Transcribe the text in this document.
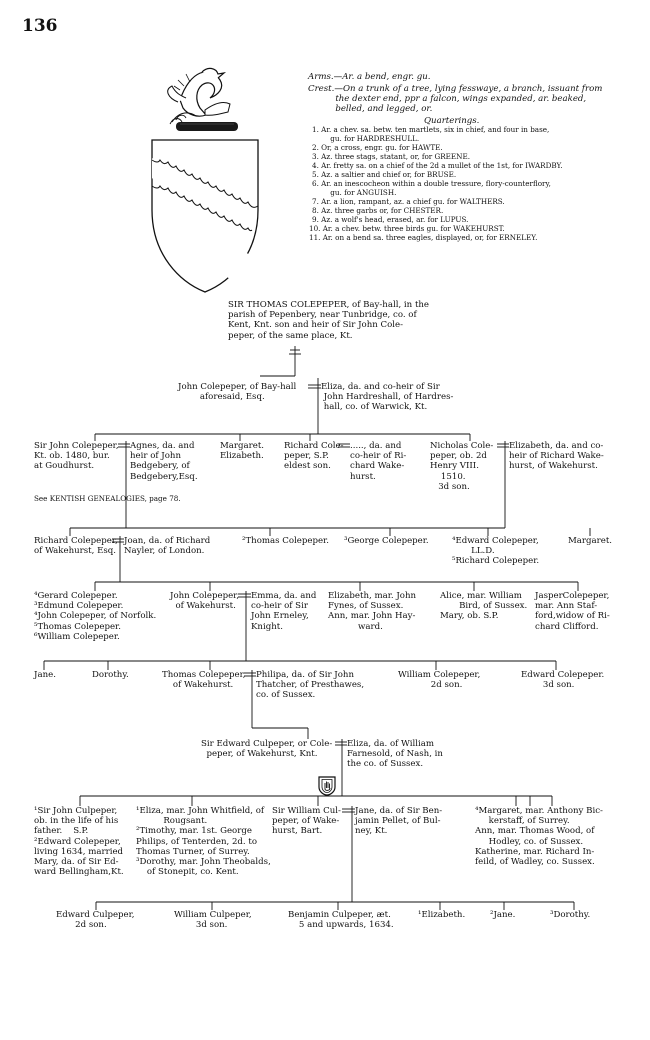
136
Arms.—Ar. a bend, engr. gu.
Crest.—On a trunk of a tree, lying fesswaye, a branch, issuant from
the dexter end, ppr a falcon, wings expanded, ar. beaked,
belled, and legged, or.
Quarterings.
1. Ar. a chev. sa. betw. ten martlets, six in chief, and four in base,
gu. for HARDRESHULL.
2. Or, a cross, engr. gu. for HAWTE.
3. Az. three stags, statant, or, for GREENE.
4. Ar. fretty sa. on a chief of the 2d a mullet of the 1st, for IWARDBY.
5. Az. a saltier and chief or, for BRUSE.
6. Ar. an inescocheon within a double tressure, flory-counterflory,
gu. for ANGUISH.
7. Ar. a lion, rampant, az. a chief gu. for WALTHERS.
8. Az. three garbs or, for CHESTER.
9. Az. a wolf's head, erased, ar. for LUPUS.
10. Ar. a chev. betw. three birds gu. for WAKEHURST.
11. Ar. on a bend sa. three eagles, displayed, or, for ERNELEY.
SIR THOMAS COLEPEPER, of Bay-hall, in the
parish of Pepenbery, near Tunbridge, co. of
Kent, Knt. son and heir of Sir John Cole-
peper, of the same place, Kt.
John Colepeper, of Bay-hall
aforesaid, Esq.
Eliza, da. and co-heir of Sir
John Hardreshall, of Hardres-
hall, co. of Warwick, Kt.
Sir John Colepeper,
Kt. ob. 1480, bur.
at Goudhurst.
Agnes, da. and
heir of John
Bedgebery, of
Bedgebery,Esq.
Margaret.
Elizabeth.
Richard Cole-
peper, S.P.
eldest son.
....., da. and
co-heir of Ri-
chard Wake-
hurst.
Nicholas Cole-
peper, ob. 2d
Henry VIII.
1510.
3d son.
Elizabeth, da. and co-
heir of Richard Wake-
hurst, of Wakehurst.
See KENTISH GENEALOGIES, page 78.
Richard Colepeper,
of Wakehurst, Esq.
Joan, da. of Richard
Nayler, of London.
²Thomas Colepeper. ³George Colepeper.	⁴Edward Colepeper,
LL.D.
⁵Richard Colepeper.
Margaret.
⁴Gerard Colepeper.
³Edmund Colepeper.
⁴John Colepeper, of Norfolk.
⁵Thomas Colepeper.
⁶William Colepeper.
John Colepeper,
of Wakehurst.
Emma, da. and
co-heir of Sir
John Erneley,
Knight.
Elizabeth, mar. John
Fynes, of Sussex.
Ann, mar. John Hay-
ward.
Alice, mar. William
Bird, of Sussex.
Mary, ob. S.P.
JasperColepeper,
mar. Ann Staf-
ford,widow of Ri-
chard Clifford.
Jane.	Dorothy.	Thomas Colepeper,
of Wakehurst.
Philipa, da. of Sir John
Thatcher, of Presthawes,
co. of Sussex.
William Colepeper,
2d son.
Edward Colepeper.
3d son.
Sir Edward Culpeper, or Cole-
peper, of Wakehurst, Knt.
Eliza, da. of William
Farnesold, of Nash, in
the co. of Sussex.
¹Sir John Culpeper,
ob. in the life of his
father.    S.P.
²Edward Colepeper,
living 1634, married
Mary, da. of Sir Ed-
ward Bellingham,Kt.
¹Eliza, mar. John Whitfield, of
Rougsant.
²Timothy, mar. 1st. George
Philips, of Tenterden, 2d. to
Thomas Turner, of Surrey.
³Dorothy, mar. John Theobalds,
of Stonepit, co. Kent.
Sir William Cul-
peper, of Wake-
hurst, Bart.
Jane, da. of Sir Ben-
jamin Pellet, of Bul-
ney, Kt.
⁴Margaret, mar. Anthony Bic-
kerstaff, of Surrey.
Ann, mar. Thomas Wood, of
Hodley, co. of Sussex.
Katherine, mar. Richard In-
feild, of Wadley, co. Sussex.
Edward Culpeper,
2d son.
William Culpeper,
3d son.
Benjamin Culpeper, æt.
5 and upwards, 1634.
¹Elizabeth.	²Jane.	³Dorothy.
